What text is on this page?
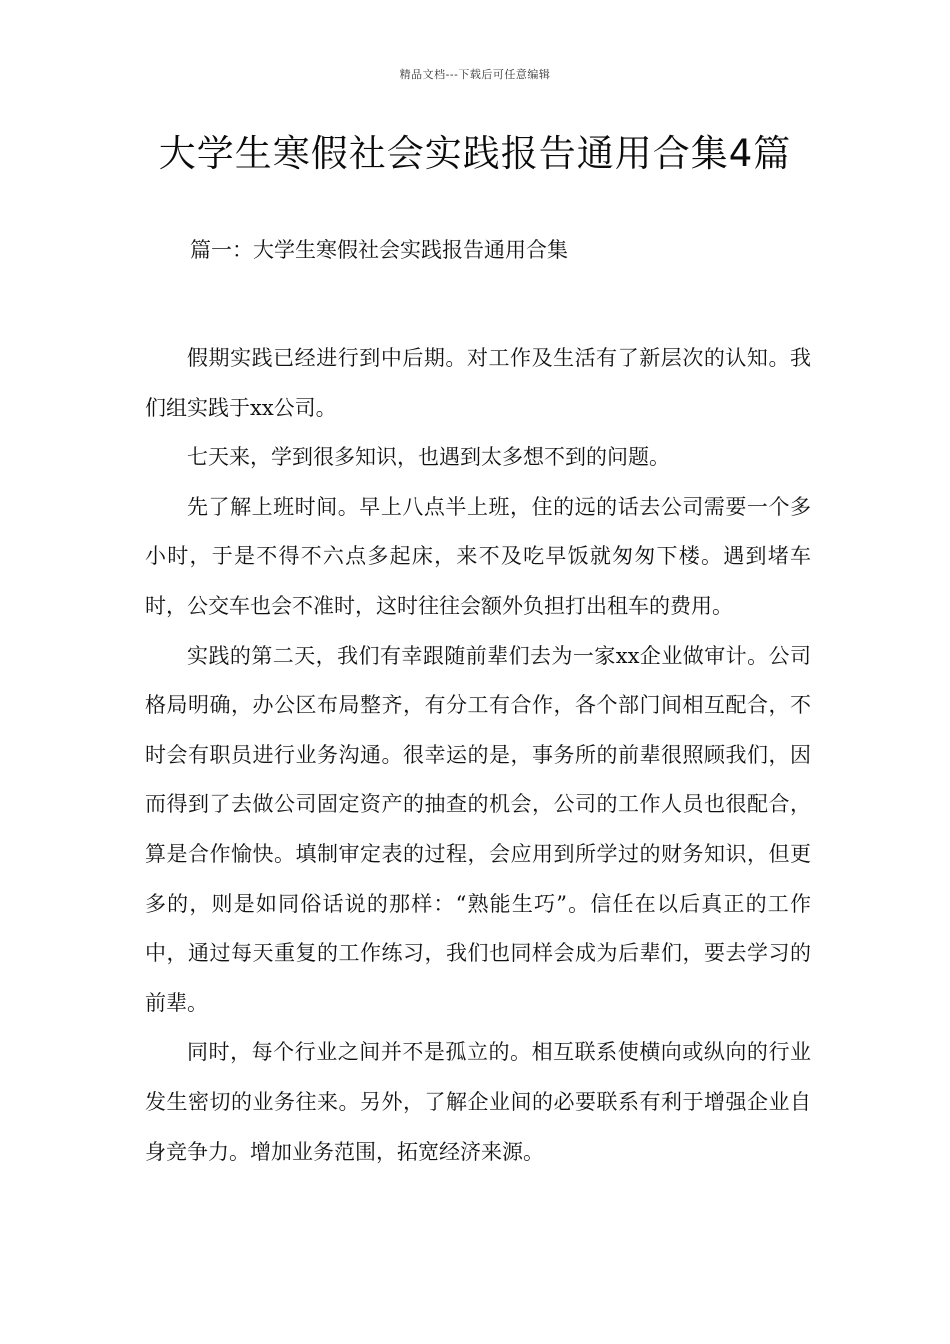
精品文档---下载后可任意编辑
大学生寒假社会实践报告通用合集4篇
篇一：大学生寒假社会实践报告通用合集

假期实践已经进行到中后期。对工作及生活有了新层次的认知。我们组实践于xx公司。

七天来，学到很多知识，也遇到太多想不到的问题。

先了解上班时间。早上八点半上班，住的远的话去公司需要一个多小时，于是不得不六点多起床，来不及吃早饭就匆匆下楼。遇到堵车时，公交车也会不准时，这时往往会额外负担打出租车的费用。

实践的第二天，我们有幸跟随前辈们去为一家xx企业做审计。公司格局明确，办公区布局整齐，有分工有合作，各个部门间相互配合，不时会有职员进行业务沟通。很幸运的是，事务所的前辈很照顾我们，因而得到了去做公司固定资产的抽查的机会，公司的工作人员也很配合，算是合作愉快。填制审定表的过程，会应用到所学过的财务知识，但更多的，则是如同俗话说的那样：“熟能生巧”。信任在以后真正的工作中，通过每天重复的工作练习，我们也同样会成为后辈们，要去学习的前辈。

同时，每个行业之间并不是孤立的。相互联系使横向或纵向的行业发生密切的业务往来。另外，了解企业间的必要联系有利于增强企业自身竞争力。增加业务范围，拓宽经济来源。
